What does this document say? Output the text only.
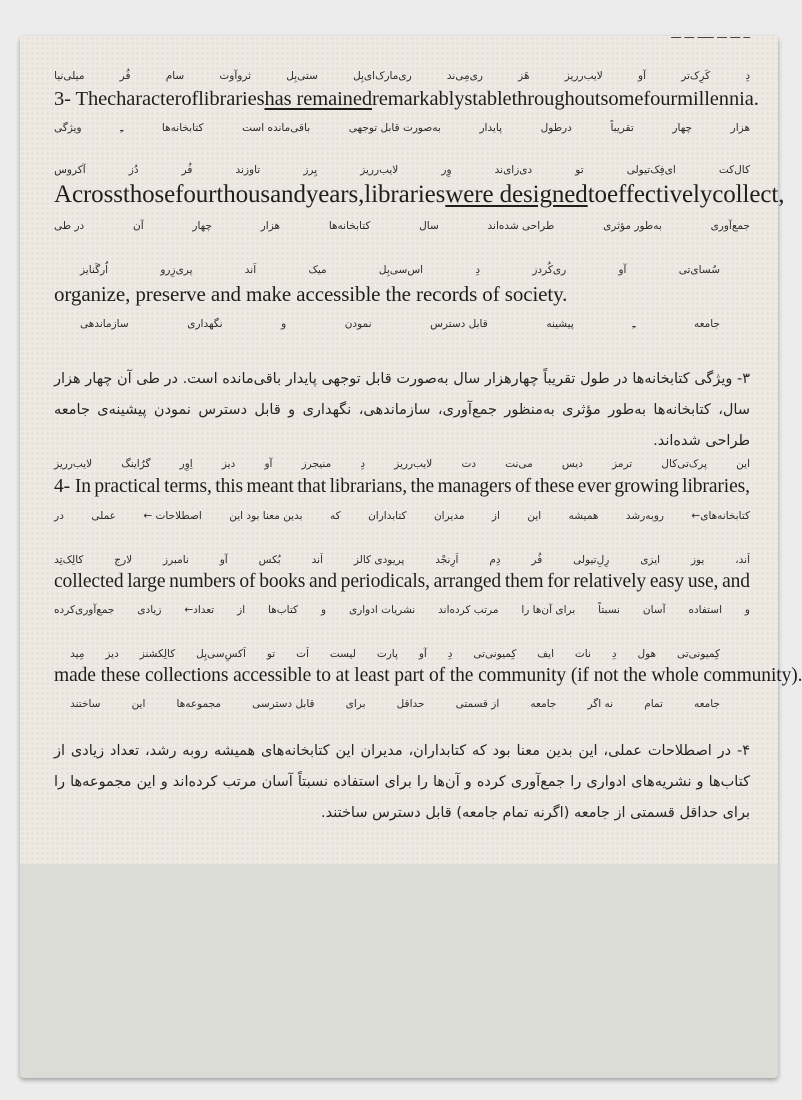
ــ ـــ ـــ ـــــ ـــ ـــ
دِ
کَرِک‌تر
آو
لایب‌رریز
هَز
ری‌مِی‌ند
ری‌مارک‌ای‌بِل
ستی‌بِل
ثروآوت
سام
فُر
میلی‌نیا
3- The character of libraries has remained remarkably stable throughout some four millennia.
هزار
چهار
تقریباً
درطول
پایدار
به‌صورت قابل توجهی
باقی‌مانده است
کتابخانه‌ها
ـِ
ویژگی
کال‌کت
ای‌فِک‌تیولی
تو
دی‌زای‌ند
وِر
لایب‌رریز
یِرز
تاوزند
فُر
دُز
آکروس
Across those four thousand years, libraries were designed to effectively collect,
جمع‌آوری
به‌طور مؤثری
طراحی شده‌اند
سال
کتابخانه‌ها
هزار
چهار
آن
در طی
سُسای‌تی
آو
ری‌کُردز
دِ
اس‌سی‌بِل
میک
اَند
پری‌زِرو
اُرگَنایز
organize, preserve and make accessible the records of society.
جامعه
ـِ
پیشینه
قابل دسترس
نمودن
و
نگهداری
سازماندهی
۳- ویژگی کتابخانه‌ها در طول تقریباً چهارهزار سال به‌صورت قابل توجهی پایدار باقی‌مانده است. در طی آن چهار هزار سال، کتابخانه‌ها به‌طور مؤثری به‌منظور جمع‌آوری، سازماندهی، نگهداری و قابل دسترس نمودن پیشینه‌ی جامعه طراحی شده‌اند.
این
پرک‌تی‌کال
ترمز
دیس
می‌نت
دت
لایب‌رریز
دِ
منیجرز
آو
دیز
اِوِر
گرُاینگ
لایب‌رریز
4- In practical terms, this meant that librarians, the managers of these ever growing libraries,
کتابخانه‌های←
روبه‌رشد
همیشه
این
از
مدیران
کتابداران
که
بدین معنا بود این
اصطلاحات ←
عملی
در
اَند،
یوز
ایزی
رِلِ‌تیولی
فُر
دِم
اَرِنجْد
پریودی کالز
اَند
بُکس
آو
نامبرز
لارج
کالِک‌تِد
collected large numbers of books and periodicals, arranged them for relatively easy use, and
و
استفاده
آسان
نسبتاً
برای آن‌ها را
مرتب کرده‌اند
نشریات ادواری
و
کتاب‌ها
از
تعداد←
زیادی
جمع‌آوری‌کرده
کِمیونی‌تی
هول
دِ
نات
ایف
کِمیونی‌تی
دِ
آو
پارت
لیست
اَت
تو
اَکسِ‌سی‌بِل
کالِکشنز
دیز
مِید
made these collections accessible to at least part of the community (if not the whole community).
جامعه
تمام
نه اگر
جامعه
از قسمتی
حداقل
برای
قابل دسترسی
مجموعه‌ها
این
ساختند
۴- در اصطلاحات عملی، این بدین معنا بود که کتابداران، مدیران این کتابخانه‌های همیشه روبه رشد، تعداد زیادی از کتاب‌ها و نشریه‌های ادواری را جمع‌آوری کرده و آن‌ها را برای استفاده نسبتاً آسان مرتب کرده‌اند و این مجموعه‌ها را برای حداقل قسمتی از جامعه (اگرنه تمام جامعه) قابل دسترس ساختند.
